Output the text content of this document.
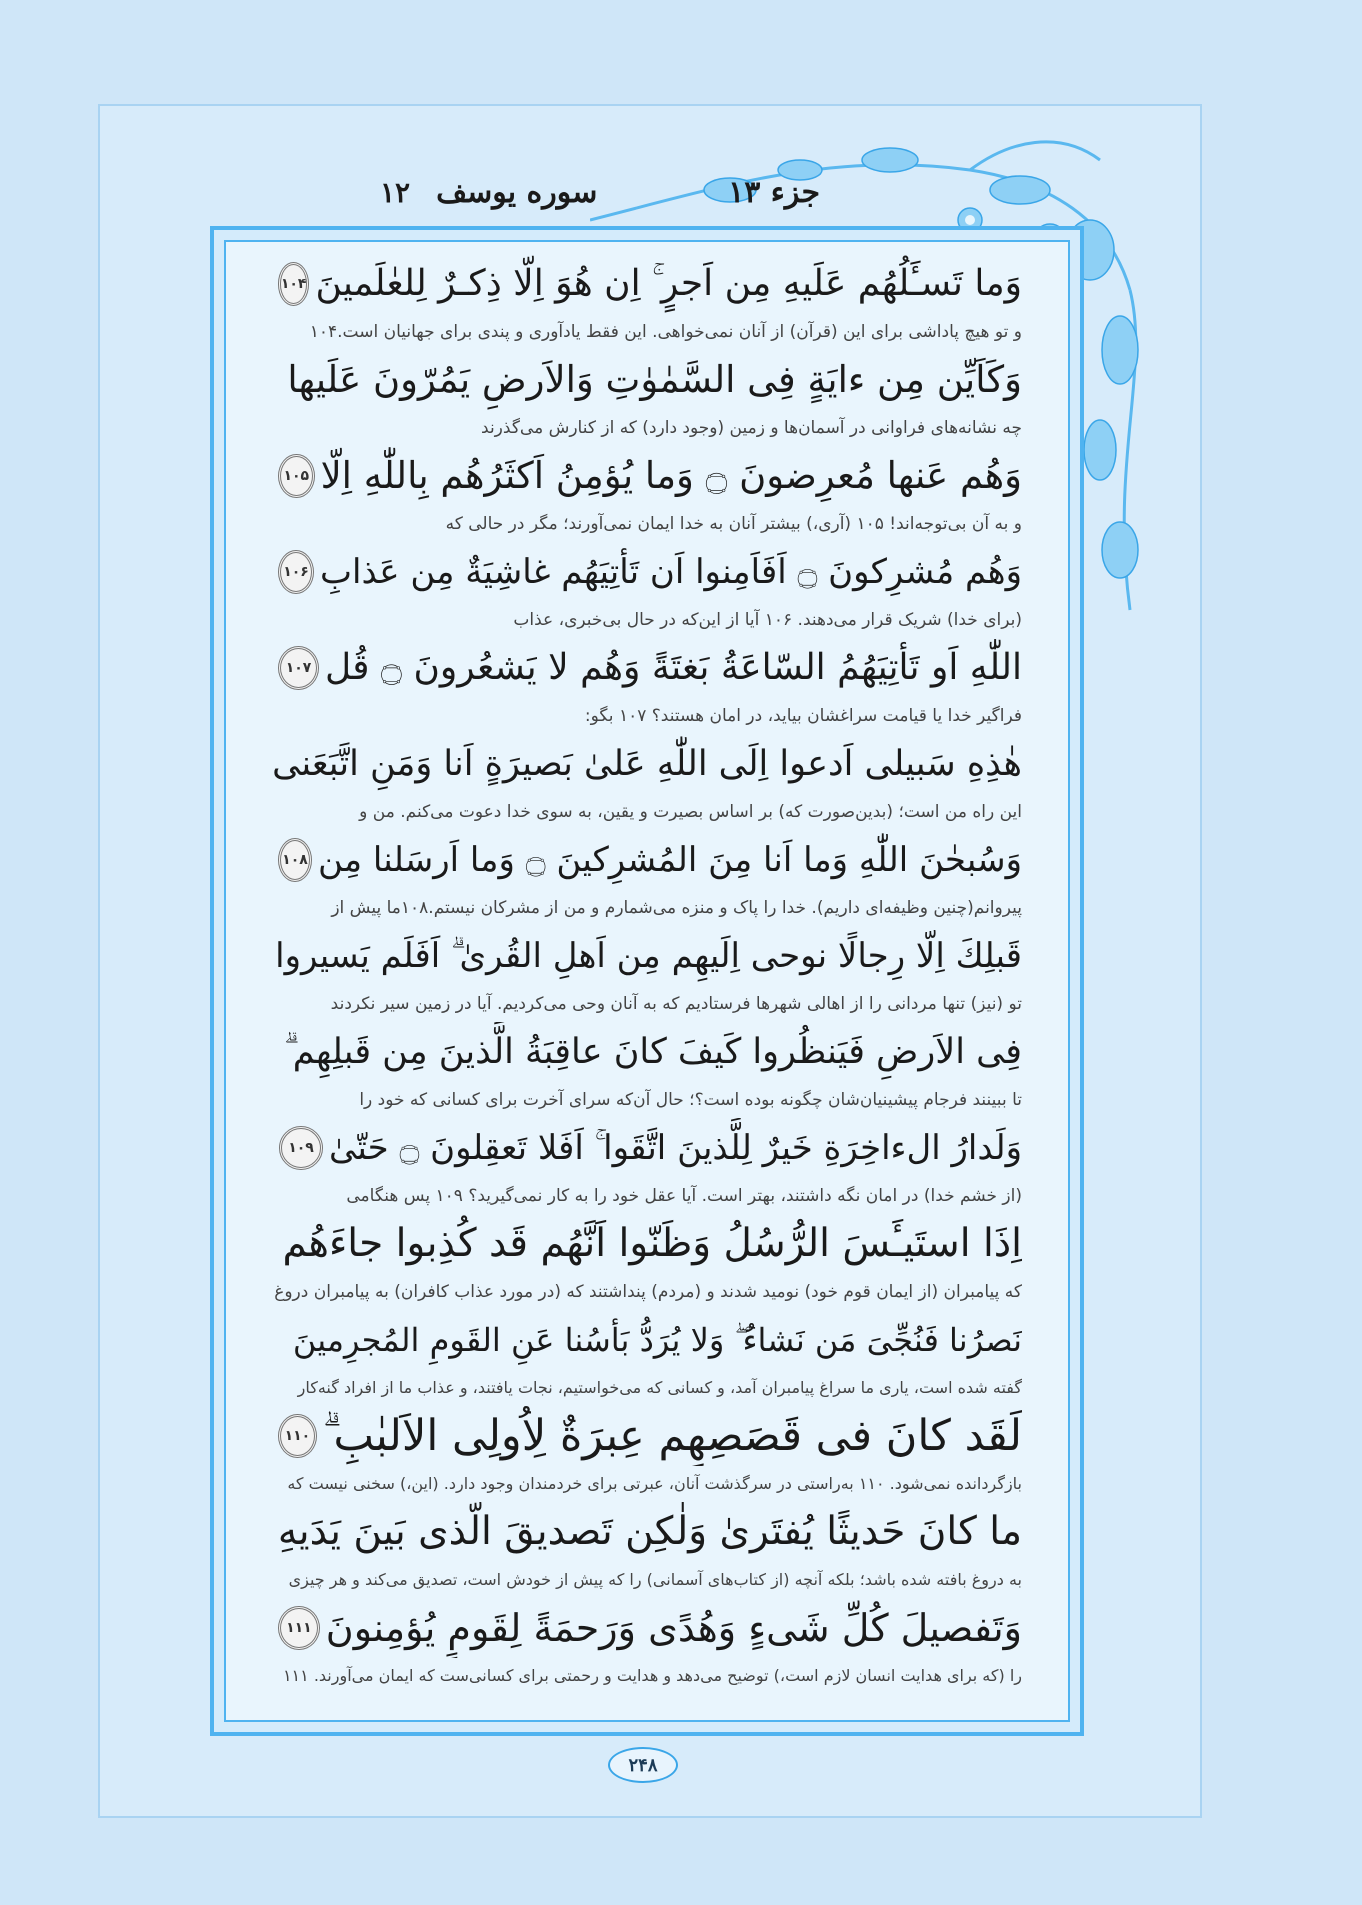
جزء ۱۳
سوره یوسف
۱۲
وَما تَسـَٔلُهُم عَلَيهِ مِن اَجرٍ ۚ اِن هُوَ اِلّا ذِكـرٌ لِلعٰلَمينَ
۱۰۴
و تو هیچ پاداشی برای این (قرآن) از آنان نمی‌خواهی. این فقط یادآوری و پندی برای جهانیان است.۱۰۴
وَكَاَيِّن مِن ءايَةٍ فِى السَّمٰوٰتِ وَالاَرضِ يَمُرّونَ عَلَيها
چه نشانه‌های فراوانی در آسمان‌ها و زمین (وجود دارد) که از کنارش می‌گذرند
وَهُم عَنها مُعرِضونَ ۝ وَما يُؤمِنُ اَكثَرُهُم بِاللّٰهِ اِلّا
۱۰۵
و به آن بی‌توجه‌اند! ۱۰۵ (آری،) بیشتر آنان به خدا ایمان نمی‌آورند؛ مگر در حالی که
وَهُم مُشرِكونَ ۝ اَفَاَمِنوا اَن تَأتِيَهُم غاشِيَةٌ مِن عَذابِ
۱۰۶
(برای خدا) شریک قرار می‌دهند. ۱۰۶ آیا از این‌که در حال بی‌خبری، عذاب
اللّٰهِ اَو تَأتِيَهُمُ السّاعَةُ بَغتَةً وَهُم لا يَشعُرونَ ۝ قُل
۱۰۷
فراگیر خدا یا قیامت سراغشان بیاید، در امان هستند؟ ۱۰۷ بگو:
هٰذِهِ سَبيلى اَدعوا اِلَى اللّٰهِ عَلىٰ بَصيرَةٍ اَنا وَمَنِ اتَّبَعَنى
این راه من است؛ (بدین‌صورت که) بر اساس بصیرت و یقین، به سوی خدا دعوت می‌کنم. من و
وَسُبحٰنَ اللّٰهِ وَما اَنا مِنَ المُشرِكينَ ۝ وَما اَرسَلنا مِن
۱۰۸
پیروانم(چنین وظیفه‌ای داریم). خدا را پاک و منزه می‌شمارم و من از مشرکان نیستم.۱۰۸ما پیش از
قَبلِكَ اِلّا رِجالًا نوحى اِلَيهِم مِن اَهلِ القُرىٰ ۗ اَفَلَم يَسيروا
تو (نیز) تنها مردانی را از اهالی شهرها فرستادیم که به آنان وحی می‌کردیم. آیا در زمین سیر نکردند
فِى الاَرضِ فَيَنظُروا كَيفَ كانَ عاقِبَةُ الَّذينَ مِن قَبلِهِم ۗ
تا ببینند فرجام پیشینیان‌شان چگونه بوده است؟؛ حال آن‌که سرای آخرت برای کسانی که خود را
وَلَدارُ الءاخِرَةِ خَيرٌ لِلَّذينَ اتَّقَوا ۚ اَفَلا تَعقِلونَ ۝ حَتّىٰ
۱۰۹
(از خشم خدا) در امان نگه داشتند، بهتر است. آیا عقل خود را به کار نمی‌گیرید؟ ۱۰۹ پس هنگامی
اِذَا استَيـَٔسَ الرُّسُلُ وَظَنّوا اَنَّهُم قَد كُذِبوا جاءَهُم
که پیامبران (از ایمان قوم خود) نومید شدند و (مردم) پنداشتند که (در مورد عذاب کافران) به پیامبران دروغ
نَصرُنا فَنُجِّىَ مَن نَشاءُ ۖ وَلا يُرَدُّ بَأسُنا عَنِ القَومِ المُجرِمينَ
گفته شده است، یاری ما سراغ پیامبران آمد، و کسانی که می‌خواستیم، نجات یافتند، و عذاب ما از افراد گنه‌کار
لَقَد كانَ فى قَصَصِهِم عِبرَةٌ لِاُولِى الاَلبٰبِ ۗ
۱۱۰
بازگردانده نمی‌شود. ۱۱۰ به‌راستی در سرگذشت آنان، عبرتی برای خردمندان وجود دارد. (این،) سخنی نیست که
ما كانَ حَديثًا يُفتَرىٰ وَلٰكِن تَصديقَ الَّذى بَينَ يَدَيهِ
به دروغ بافته شده باشد؛ بلکه آنچه (از کتاب‌های آسمانی) را که پیش از خودش است، تصدیق می‌کند و هر چیزی
وَتَفصيلَ كُلِّ شَىءٍ وَهُدًى وَرَحمَةً لِقَومٍ يُؤمِنونَ
۱۱۱
را (که برای هدایت انسان لازم است،) توضیح می‌دهد و هدایت و رحمتی برای کسانی‌ست که ایمان می‌آورند. ۱۱۱
۲۴۸
